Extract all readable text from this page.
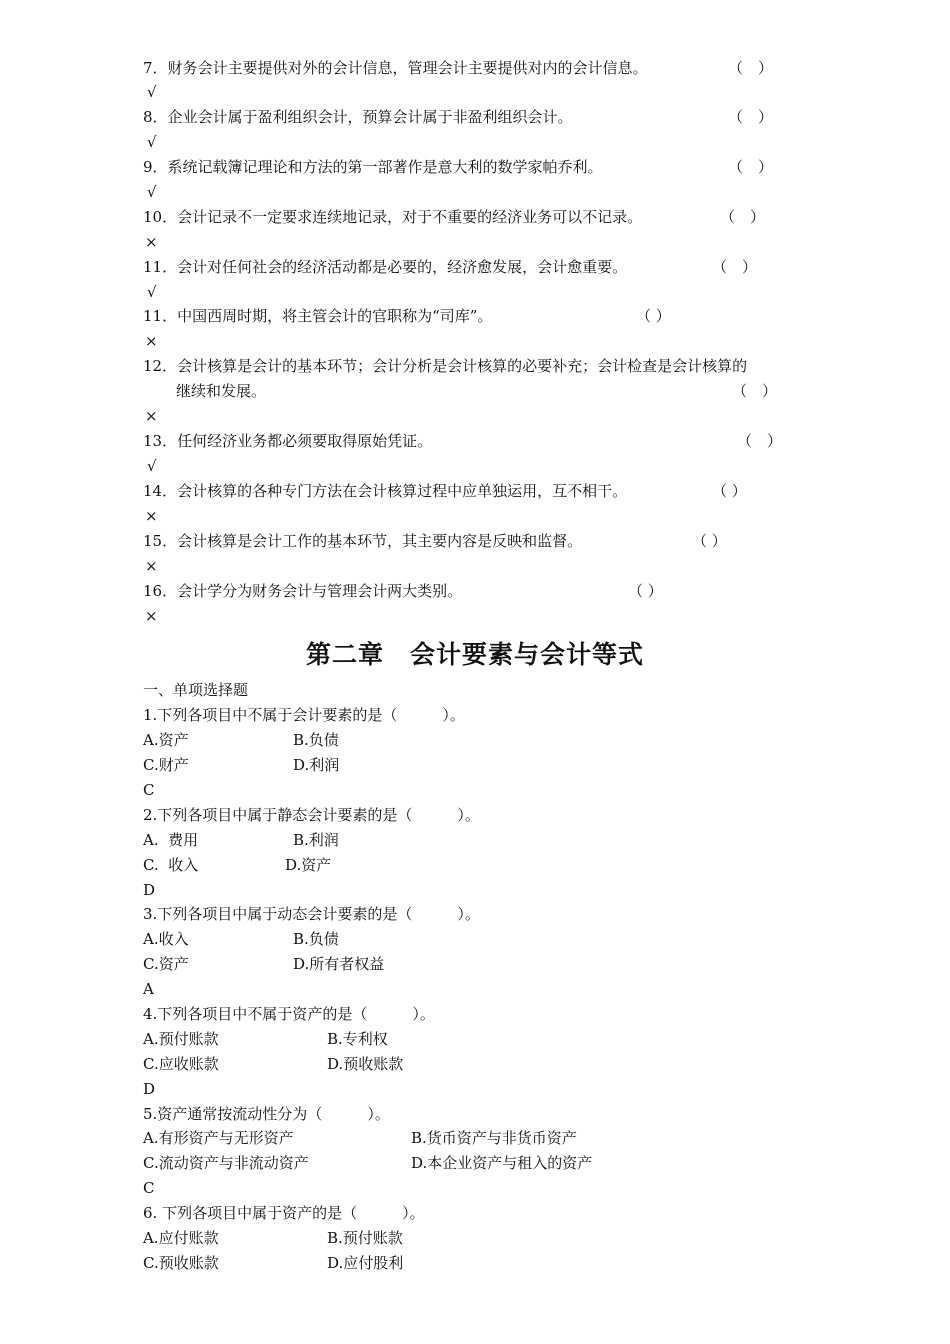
7．财务会计主要提供对外的会计信息，管理会计主要提供对内的会计信息。	（　）
√
8．企业会计属于盈利组织会计，预算会计属于非盈利组织会计。	（　）
√
9．系统记载簿记理论和方法的第一部著作是意大利的数学家帕乔利。	（　）
√
10．会计记录不一定要求连续地记录，对于不重要的经济业务可以不记录。	（　）
×
11．会计对任何社会的经济活动都是必要的，经济愈发展，会计愈重要。	（　）
√
11．中国西周时期，将主管会计的官职称为“司库”。	（ ）
×
12．会计核算是会计的基本环节；会计分析是会计核算的必要补充；会计检查是会计核算的
继续和发展。	（　）
×
13．任何经济业务都必须要取得原始凭证。	（　）
√
14．会计核算的各种专门方法在会计核算过程中应单独运用，互不相干。	（ ）
×
15．会计核算是会计工作的基本环节，其主要内容是反映和监督。	（ ）
×
16．会计学分为财务会计与管理会计两大类别。	（ ）
×
第二章　会计要素与会计等式
一、单项选择题
1.下列各项目中不属于会计要素的是（　　　）。
A.资产	B.负债
C.财产	D.利润
C
2.下列各项目中属于静态会计要素的是（　　　）。
A.  费用	B.利润
C.  收入	D.资产
D
3.下列各项目中属于动态会计要素的是（　　　）。
A.收入	B.负债
C.资产	D.所有者权益
A
4.下列各项目中不属于资产的是（　　　）。
A.预付账款	B.专利权
C.应收账款	D.预收账款
D
5.资产通常按流动性分为（　　　）。
A.有形资产与无形资产	B.货币资产与非货币资产
C.流动资产与非流动资产	D.本企业资产与租入的资产
C
6. 下列各项目中属于资产的是（　　　）。
A.应付账款	B.预付账款
C.预收账款	D.应付股利
